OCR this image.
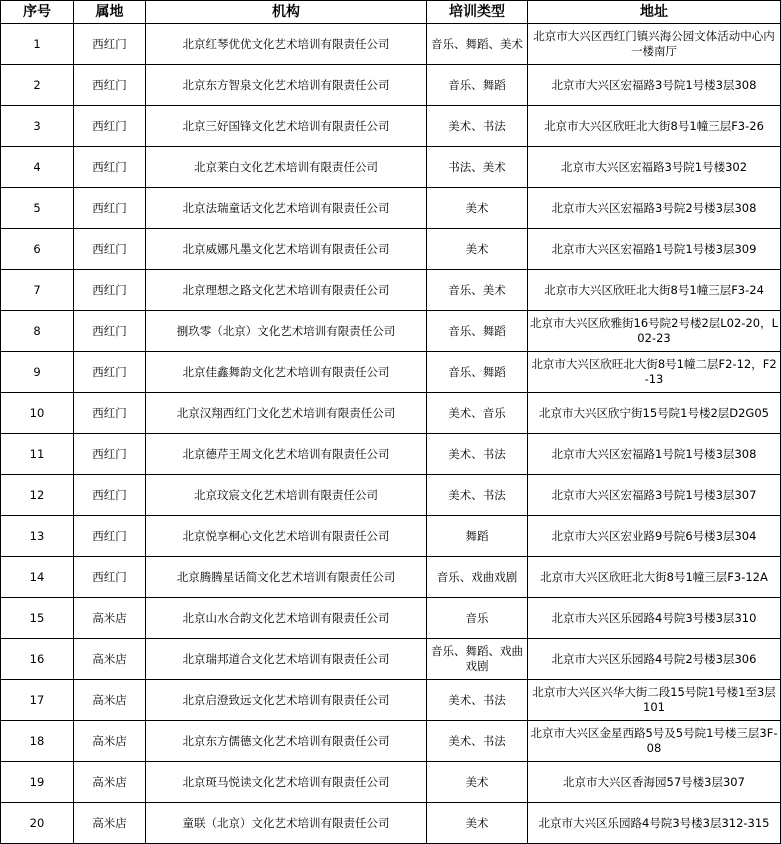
序号	属地	机构	培训类型	地址
1	西红门	北京红琴优优文化艺术培训有限责任公司	音乐、舞蹈、美术	北京市大兴区西红门镇兴海公园文体活动中心内一楼南厅
2	西红门	北京东方智泉文化艺术培训有限责任公司	音乐、舞蹈	北京市大兴区宏福路3号院1号楼3层308
3	西红门	北京三好国锋文化艺术培训有限责任公司	美术、书法	北京市大兴区欣旺北大街8号1幢三层F3-26
4	西红门	北京莱白文化艺术培训有限责任公司	书法、美术	北京市大兴区宏福路3号院1号楼302
5	西红门	北京法瑞童话文化艺术培训有限责任公司	美术	北京市大兴区宏福路3号院2号楼3层308
6	西红门	北京威娜凡墨文化艺术培训有限责任公司	美术	北京市大兴区宏福路1号院1号楼3层309
7	西红门	北京理想之路文化艺术培训有限责任公司	音乐、美术	北京市大兴区欣旺北大街8号1幢三层F3-24
8	西红门	捌玖零（北京）文化艺术培训有限责任公司	音乐、舞蹈	北京市大兴区欣雅街16号院2号楼2层L02-20，L02-23
9	西红门	北京佳鑫舞韵文化艺术培训有限责任公司	音乐、舞蹈	北京市大兴区欣旺北大街8号1幢二层F2-12，F2-13
10	西红门	北京汉翔西红门文化艺术培训有限责任公司	美术、音乐	北京市大兴区欣宁街15号院1号楼2层D2G05
11	西红门	北京德芹王周文化艺术培训有限责任公司	美术、书法	北京市大兴区宏福路1号院1号楼3层308
12	西红门	北京玟宸文化艺术培训有限责任公司	美术、书法	北京市大兴区宏福路3号院1号楼3层307
13	西红门	北京悦享桐心文化艺术培训有限责任公司	舞蹈	北京市大兴区宏业路9号院6号楼3层304
14	西红门	北京腾腾星话简文化艺术培训有限责任公司	音乐、戏曲戏剧	北京市大兴区欣旺北大街8号1幢三层F3-12A
15	高米店	北京山水合韵文化艺术培训有限责任公司	音乐	北京市大兴区乐园路4号院3号楼3层310
16	高米店	北京瑞邦道合文化艺术培训有限责任公司	音乐、舞蹈、戏曲戏剧	北京市大兴区乐园路4号院2号楼3层306
17	高米店	北京启澄致远文化艺术培训有限责任公司	美术、书法	北京市大兴区兴华大街二段15号院1号楼1至3层101
18	高米店	北京东方儒德文化艺术培训有限责任公司	美术、书法	北京市大兴区金星西路5号及5号院1号楼三层3F-08
19	高米店	北京斑马悦读文化艺术培训有限责任公司	美术	北京市大兴区香海园57号楼3层307
20	高米店	童联（北京）文化艺术培训有限责任公司	美术	北京市大兴区乐园路4号院3号楼3层312-315
